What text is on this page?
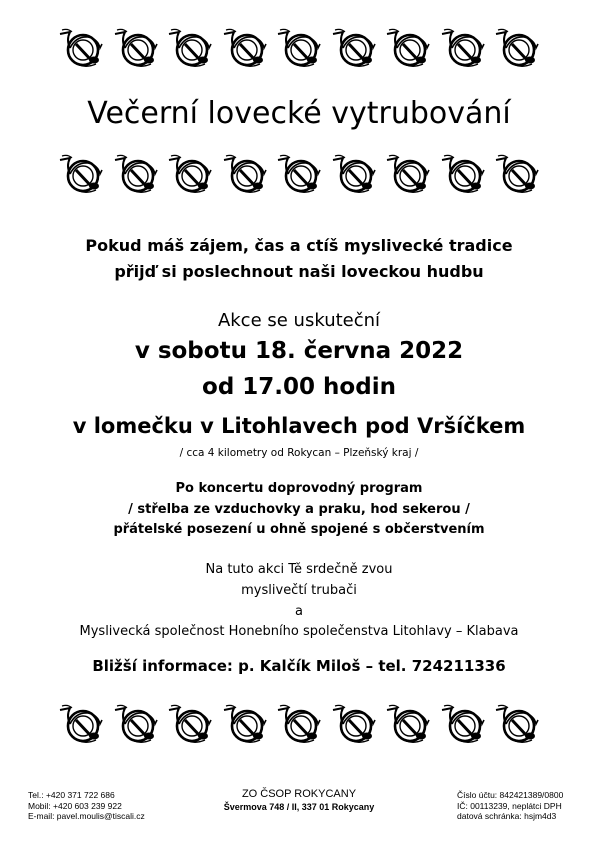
Večerní lovecké vytrubování
Pokud máš zájem, čas a ctíš myslivecké tradice
přijď si poslechnout naši loveckou hudbu
Akce se uskuteční
v sobotu 18. června 2022
od 17.00 hodin
v lomečku v Litohlavech pod Vršíčkem
/ cca 4 kilometry od Rokycan – Plzeňský kraj /
Po koncertu doprovodný program
/ střelba ze vzduchovky a praku, hod sekerou /
přátelské posezení u ohně spojené s občerstvením
Na tuto akci Tě srdečně zvou
myslivečtí trubači
a
Myslivecká společnost Honebního společenstva Litohlavy – Klabava
Bližší informace: p. Kalčík Miloš – tel. 724211336
Tel.: +420 371 722 686
Mobil: +420 603 239 922
E-mail: pavel.moulis@tiscali.cz
ZO ČSOP ROKYCANY
Švermova 748 / II, 337 01 Rokycany
Číslo účtu: 842421389/0800
IČ: 00113239, neplátci DPH
datová schránka: hsjm4d3
